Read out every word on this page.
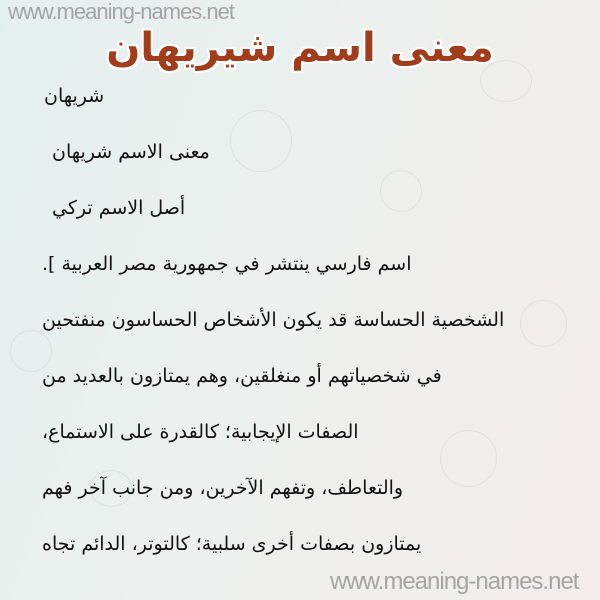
www.meaning-names.net
معنى اسم شيريهان
شريهان
معنى الاسم شريهان
أصل الاسم تركي
اسم فارسي ينتشر في جمهورية مصر العربية ].
الشخصية الحساسة قد يكون الأشخاص الحساسون منفتحين
في شخصياتهم أو منغلقين، وهم يمتازون بالعديد من
الصفات الإيجابية؛ كالقدرة على الاستماع،
والتعاطف، وتفهم الآخرين، ومن جانب آخر فهم
يمتازون بصفات أخرى سلبية؛ كالتوتر، الدائم تجاه
www.meaning-names.net
